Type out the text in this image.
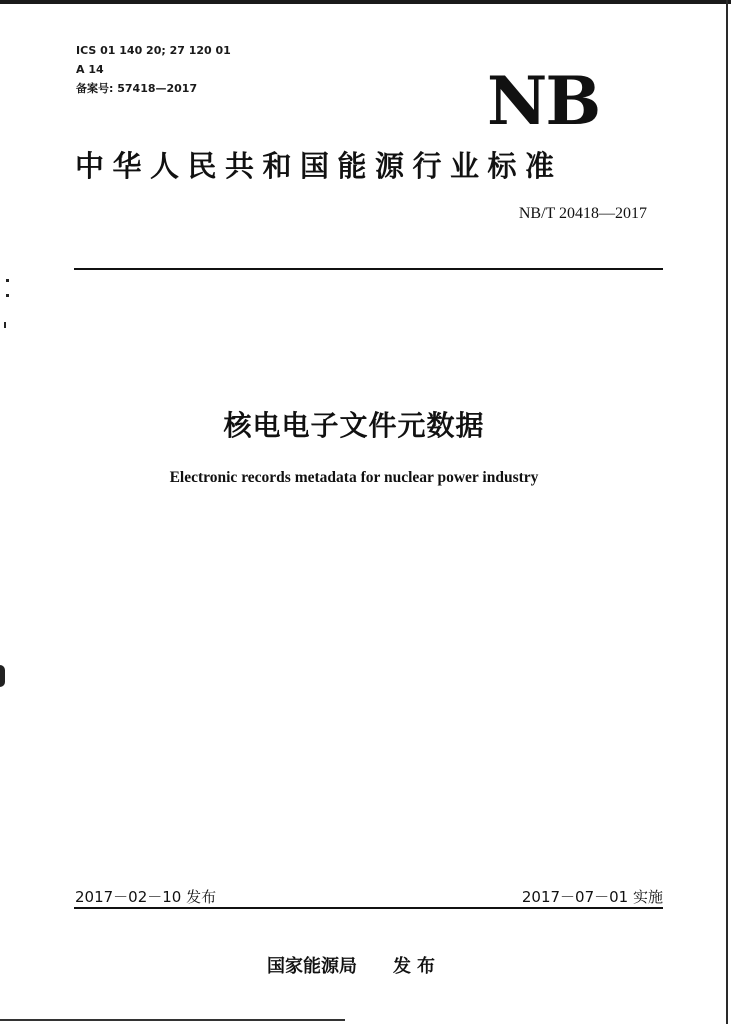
ICS 01 140 20; 27 120 01
A 14
备案号: 57418—2017	NB
中华人民共和国能源行业标准
NB/T 20418—2017
核电电子文件元数据
Electronic records metadata for nuclear power industry
2017－02－10 发布	2017－07－01 实施
国家能源局 发布
